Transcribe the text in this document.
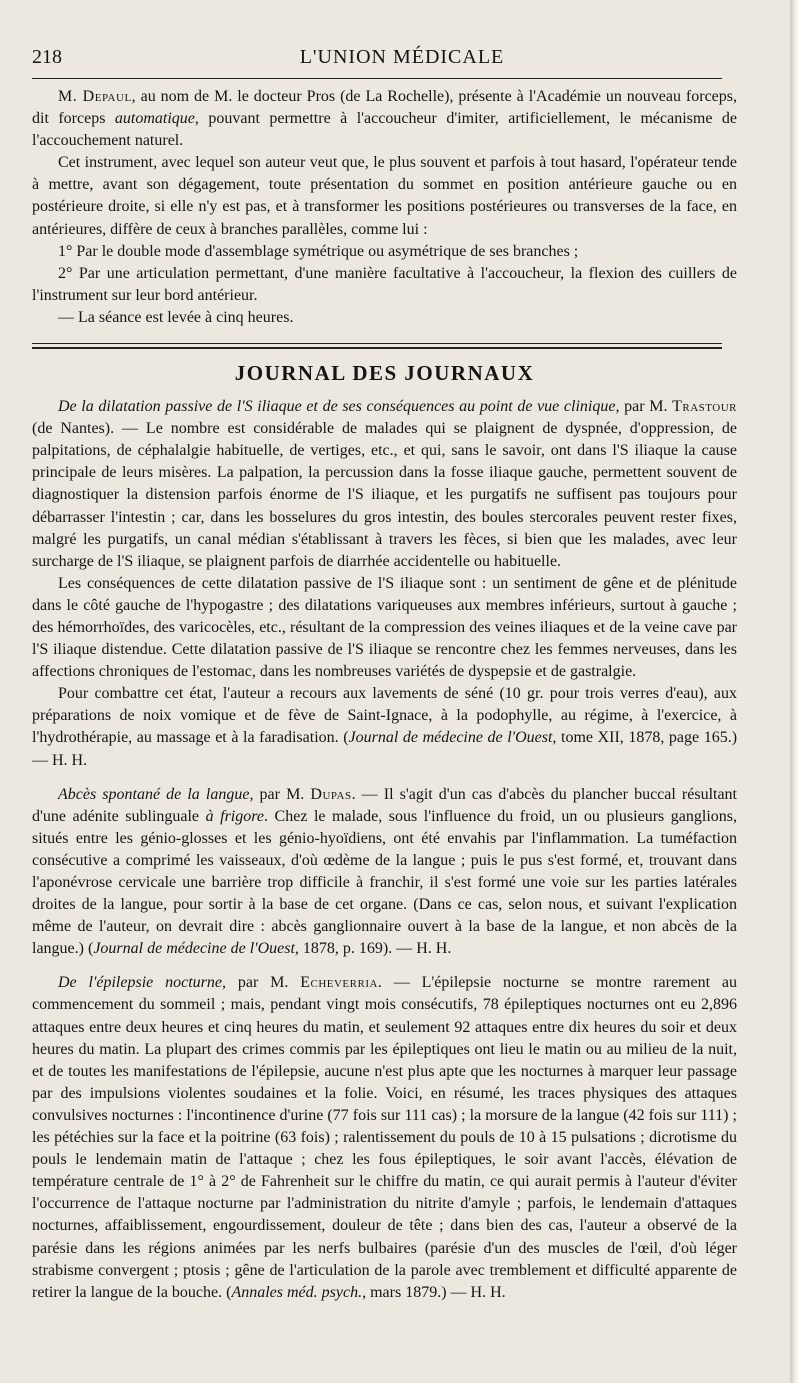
218	L'UNION MÉDICALE

M. Depaul, au nom de M. le docteur Pros (de La Rochelle), présente à l'Académie un nouveau forceps, dit forceps automatique, pouvant permettre à l'accoucheur d'imiter, artificiellement, le mécanisme de l'accouchement naturel.

Cet instrument, avec lequel son auteur veut que, le plus souvent et parfois à tout hasard, l'opérateur tende à mettre, avant son dégagement, toute présentation du sommet en position antérieure gauche ou en postérieure droite, si elle n'y est pas, et à transformer les positions postérieures ou transverses de la face, en antérieures, diffère de ceux à branches parallèles, comme lui :

1° Par le double mode d'assemblage symétrique ou asymétrique de ses branches ;

2° Par une articulation permettant, d'une manière facultative à l'accoucheur, la flexion des cuillers de l'instrument sur leur bord antérieur.

— La séance est levée à cinq heures.

JOURNAL DES JOURNAUX

De la dilatation passive de l'S iliaque et de ses conséquences au point de vue clinique, par M. Trastour (de Nantes). — Le nombre est considérable de malades qui se plaignent de dyspnée, d'oppression, de palpitations, de céphalalgie habituelle, de vertiges, etc., et qui, sans le savoir, ont dans l'S iliaque la cause principale de leurs misères. La palpation, la percussion dans la fosse iliaque gauche, permettent souvent de diagnostiquer la distension parfois énorme de l'S iliaque, et les purgatifs ne suffisent pas toujours pour débarrasser l'intestin ; car, dans les bosselures du gros intestin, des boules stercorales peuvent rester fixes, malgré les purgatifs, un canal médian s'établissant à travers les fèces, si bien que les malades, avec leur surcharge de l'S iliaque, se plaignent parfois de diarrhée accidentelle ou habituelle.

Les conséquences de cette dilatation passive de l'S iliaque sont : un sentiment de gêne et de plénitude dans le côté gauche de l'hypogastre ; des dilatations variqueuses aux membres inférieurs, surtout à gauche ; des hémorrhoïdes, des varicocèles, etc., résultant de la compression des veines iliaques et de la veine cave par l'S iliaque distendue. Cette dilatation passive de l'S iliaque se rencontre chez les femmes nerveuses, dans les affections chroniques de l'estomac, dans les nombreuses variétés de dyspepsie et de gastralgie.

Pour combattre cet état, l'auteur a recours aux lavements de séné (10 gr. pour trois verres d'eau), aux préparations de noix vomique et de fève de Saint-Ignace, à la podophylle, au régime, à l'exercice, à l'hydrothérapie, au massage et à la faradisation. (Journal de médecine de l'Ouest, tome XII, 1878, page 165.) — H. H.

Abcès spontané de la langue, par M. Dupas. — Il s'agit d'un cas d'abcès du plancher buccal résultant d'une adénite sublinguale à frigore. Chez le malade, sous l'influence du froid, un ou plusieurs ganglions, situés entre les génio-glosses et les génio-hyoïdiens, ont été envahis par l'inflammation. La tuméfaction consécutive a comprimé les vaisseaux, d'où œdème de la langue ; puis le pus s'est formé, et, trouvant dans l'aponévrose cervicale une barrière trop difficile à franchir, il s'est formé une voie sur les parties latérales droites de la langue, pour sortir à la base de cet organe. (Dans ce cas, selon nous, et suivant l'explication même de l'auteur, on devrait dire : abcès ganglionnaire ouvert à la base de la langue, et non abcès de la langue.) (Journal de médecine de l'Ouest, 1878, p. 169). — H. H.

De l'épilepsie nocturne, par M. Echeverria. — L'épilepsie nocturne se montre rarement au commencement du sommeil ; mais, pendant vingt mois consécutifs, 78 épileptiques nocturnes ont eu 2,896 attaques entre deux heures et cinq heures du matin, et seulement 92 attaques entre dix heures du soir et deux heures du matin. La plupart des crimes commis par les épileptiques ont lieu le matin ou au milieu de la nuit, et de toutes les manifestations de l'épilepsie, aucune n'est plus apte que les nocturnes à marquer leur passage par des impulsions violentes soudaines et la folie. Voici, en résumé, les traces physiques des attaques convulsives nocturnes : l'incontinence d'urine (77 fois sur 111 cas) ; la morsure de la langue (42 fois sur 111) ; les pétéchies sur la face et la poitrine (63 fois) ; ralentissement du pouls de 10 à 15 pulsations ; dicrotisme du pouls le lendemain matin de l'attaque ; chez les fous épileptiques, le soir avant l'accès, élévation de température centrale de 1° à 2° de Fahrenheit sur le chiffre du matin, ce qui aurait permis à l'auteur d'éviter l'occurrence de l'attaque nocturne par l'administration du nitrite d'amyle ; parfois, le lendemain d'attaques nocturnes, affaiblissement, engourdissement, douleur de tête ; dans bien des cas, l'auteur a observé de la parésie dans les régions animées par les nerfs bulbaires (parésie d'un des muscles de l'œil, d'où léger strabisme convergent ; ptosis ; gêne de l'articulation de la parole avec tremblement et difficulté apparente de retirer la langue de la bouche. (Annales méd. psych., mars 1879.) — H. H.
